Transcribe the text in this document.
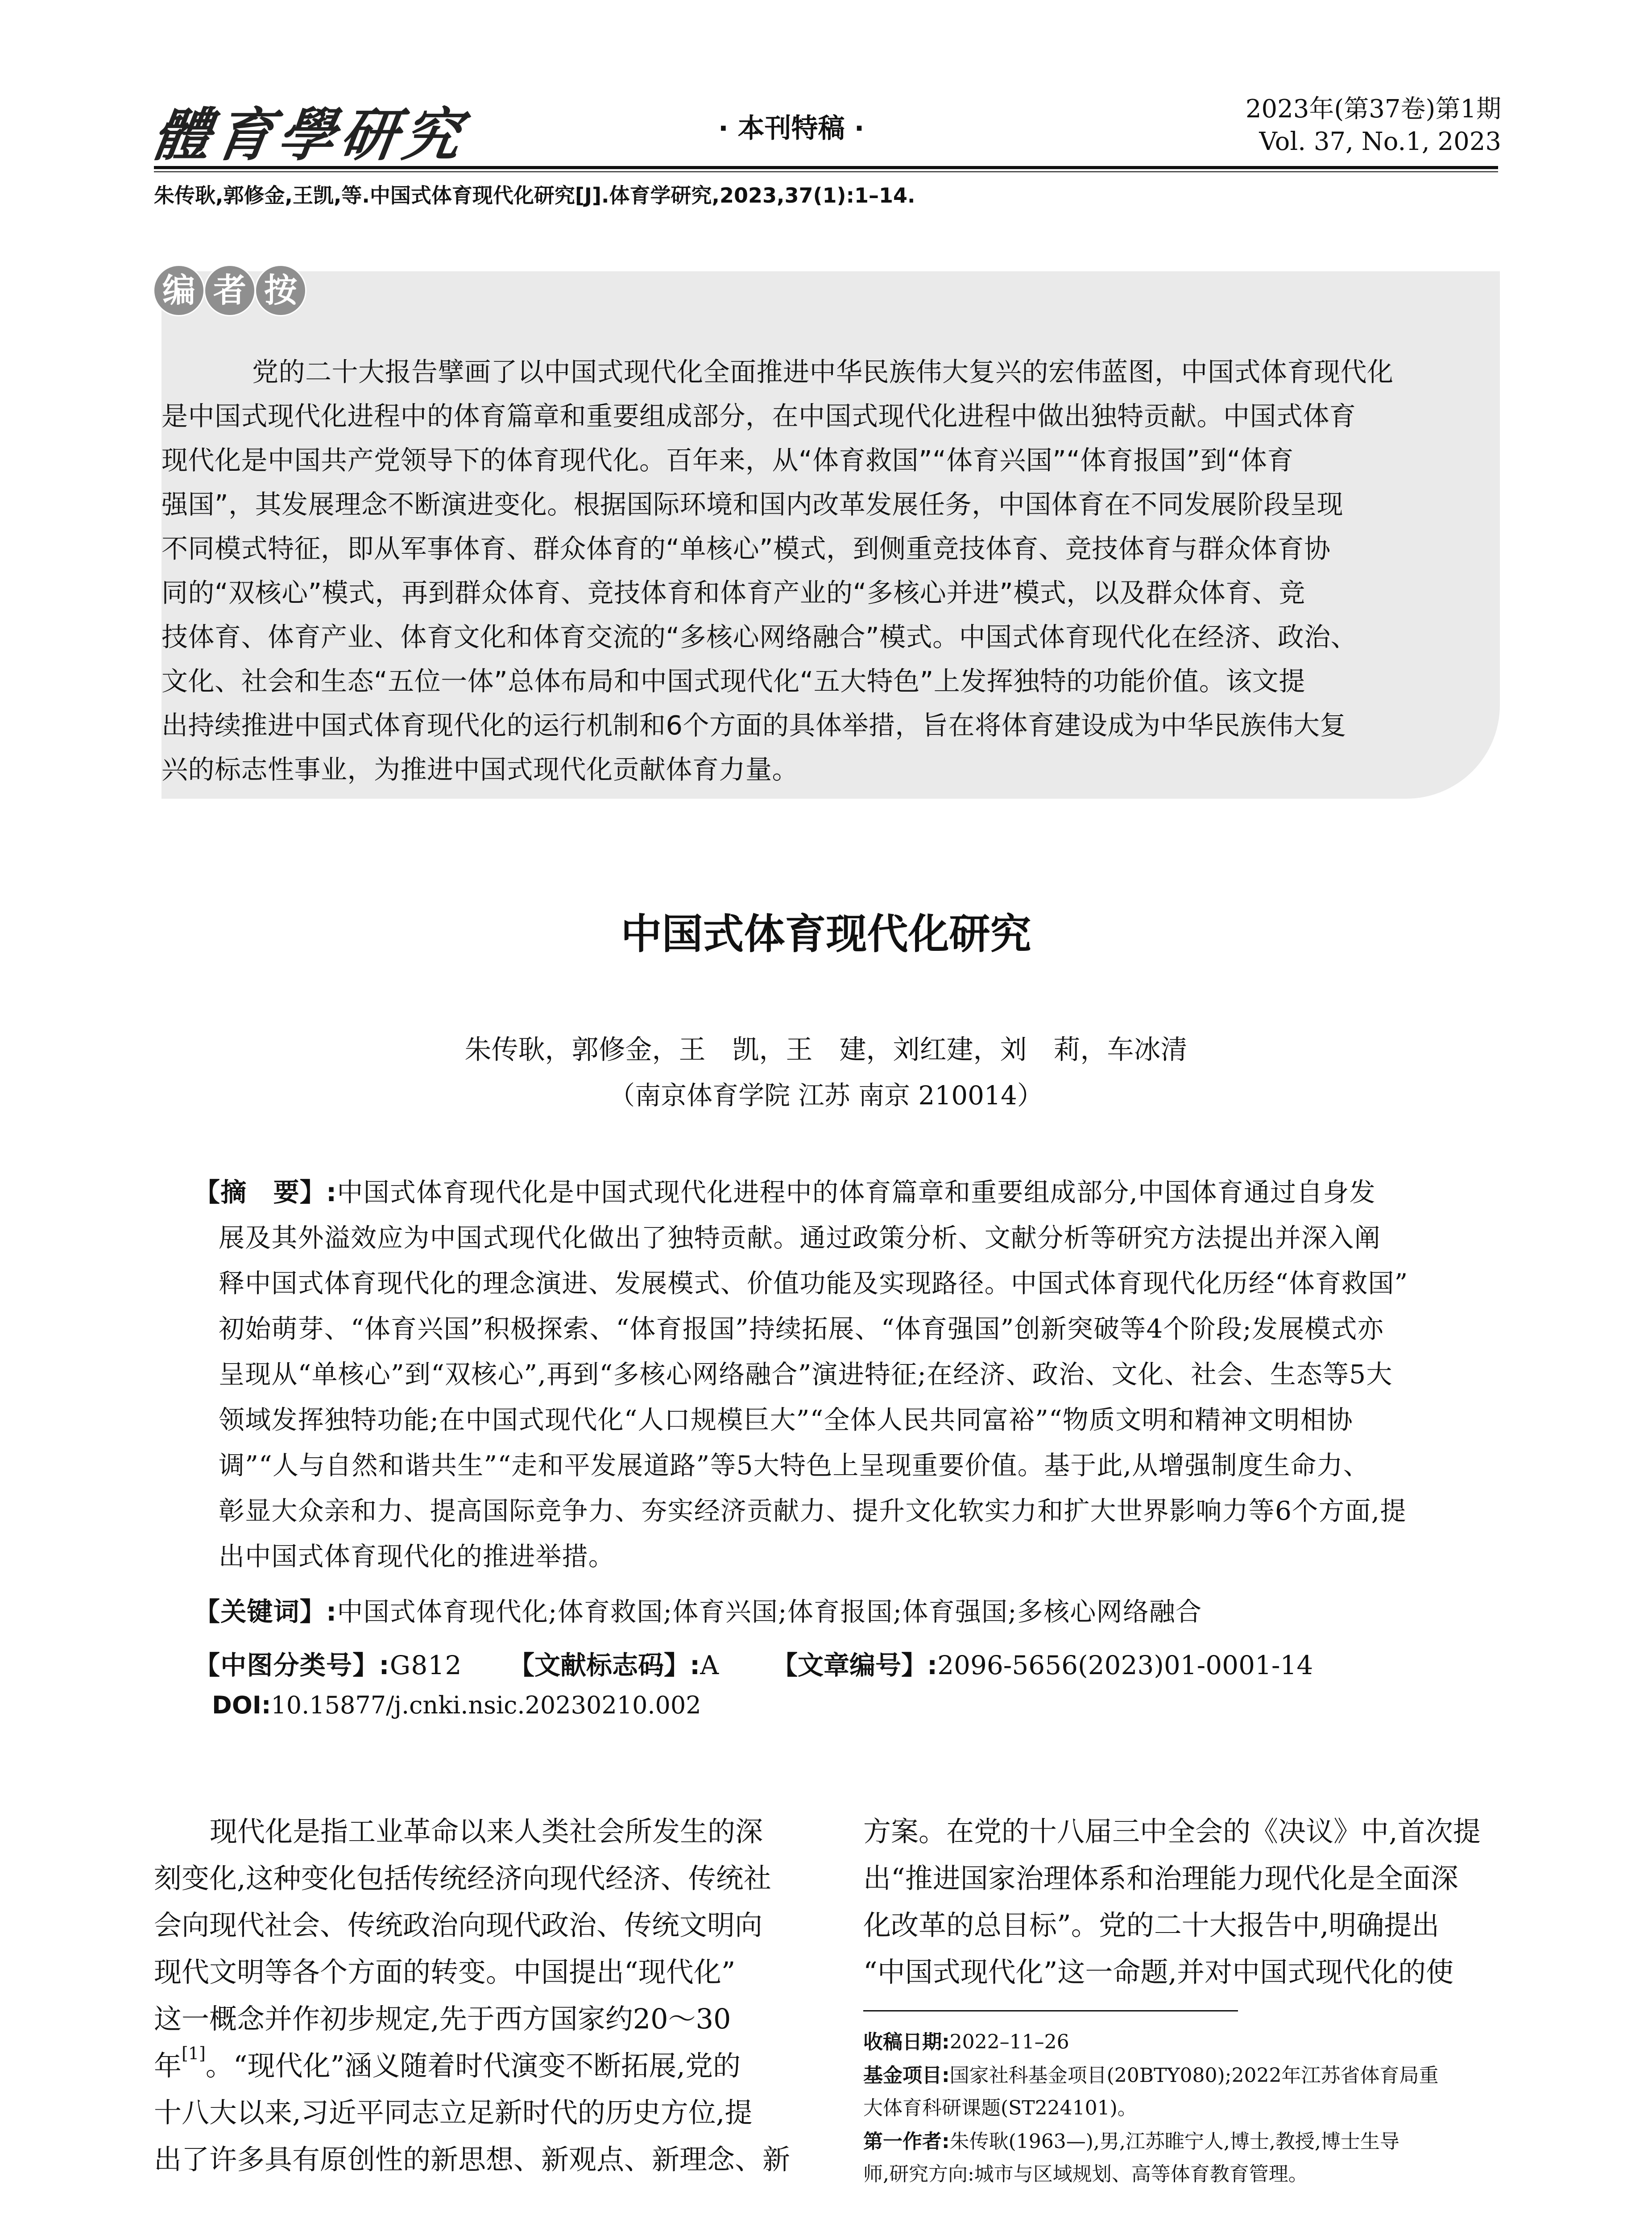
體育學研究	· 本刊特稿 ·
2023年(第37卷)第1期
Vol. 37, No.1, 2023
朱传耿,郭修金,王凯,等.中国式体育现代化研究[J].体育学研究,2023,37(1):1–14.
编 者 按
党的二十大报告擘画了以中国式现代化全面推进中华民族伟大复兴的宏伟蓝图，中国式体育现代化
是中国式现代化进程中的体育篇章和重要组成部分，在中国式现代化进程中做出独特贡献。中国式体育
现代化是中国共产党领导下的体育现代化。百年来，从“体育救国”“体育兴国”“体育报国”到“体育
强国”，其发展理念不断演进变化。根据国际环境和国内改革发展任务，中国体育在不同发展阶段呈现
不同模式特征，即从军事体育、群众体育的“单核心”模式，到侧重竞技体育、竞技体育与群众体育协
同的“双核心”模式，再到群众体育、竞技体育和体育产业的“多核心并进”模式，以及群众体育、竞
技体育、体育产业、体育文化和体育交流的“多核心网络融合”模式。中国式体育现代化在经济、政治、
文化、社会和生态“五位一体”总体布局和中国式现代化“五大特色”上发挥独特的功能价值。该文提
出持续推进中国式体育现代化的运行机制和6个方面的具体举措，旨在将体育建设成为中华民族伟大复
兴的标志性事业，为推进中国式现代化贡献体育力量。
中国式体育现代化研究
朱传耿，郭修金，王　凯，王　建，刘红建，刘　莉，车冰清
（南京体育学院 江苏 南京 210014）
【摘　要】:中国式体育现代化是中国式现代化进程中的体育篇章和重要组成部分,中国体育通过自身发
展及其外溢效应为中国式现代化做出了独特贡献。通过政策分析、文献分析等研究方法提出并深入阐
释中国式体育现代化的理念演进、发展模式、价值功能及实现路径。中国式体育现代化历经“体育救国”
初始萌芽、“体育兴国”积极探索、“体育报国”持续拓展、“体育强国”创新突破等4个阶段;发展模式亦
呈现从“单核心”到“双核心”,再到“多核心网络融合”演进特征;在经济、政治、文化、社会、生态等5大
领域发挥独特功能;在中国式现代化“人口规模巨大”“全体人民共同富裕”“物质文明和精神文明相协
调”“人与自然和谐共生”“走和平发展道路”等5大特色上呈现重要价值。基于此,从增强制度生命力、
彰显大众亲和力、提高国际竞争力、夯实经济贡献力、提升文化软实力和扩大世界影响力等6个方面,提
出中国式体育现代化的推进举措。
【关键词】:中国式体育现代化;体育救国;体育兴国;体育报国;体育强国;多核心网络融合
【中图分类号】:G812 【文献标志码】:A 【文章编号】:2096-5656(2023)01-0001-14
DOI:10.15877/j.cnki.nsic.20230210.002
现代化是指工业革命以来人类社会所发生的深
刻变化,这种变化包括传统经济向现代经济、传统社
会向现代社会、传统政治向现代政治、传统文明向
现代文明等各个方面的转变。中国提出“现代化”
这一概念并作初步规定,先于西方国家约20～30
年[1]。“现代化”涵义随着时代演变不断拓展,党的
十八大以来,习近平同志立足新时代的历史方位,提
出了许多具有原创性的新思想、新观点、新理念、新
方案。在党的十八届三中全会的《决议》中,首次提
出“推进国家治理体系和治理能力现代化是全面深
化改革的总目标”。党的二十大报告中,明确提出
“中国式现代化”这一命题,并对中国式现代化的使
收稿日期:2022–11–26
基金项目:国家社科基金项目(20BTY080);2022年江苏省体育局重
大体育科研课题(ST224101)。
第一作者:朱传耿(1963—),男,江苏睢宁人,博士,教授,博士生导
师,研究方向:城市与区域规划、高等体育教育管理。
